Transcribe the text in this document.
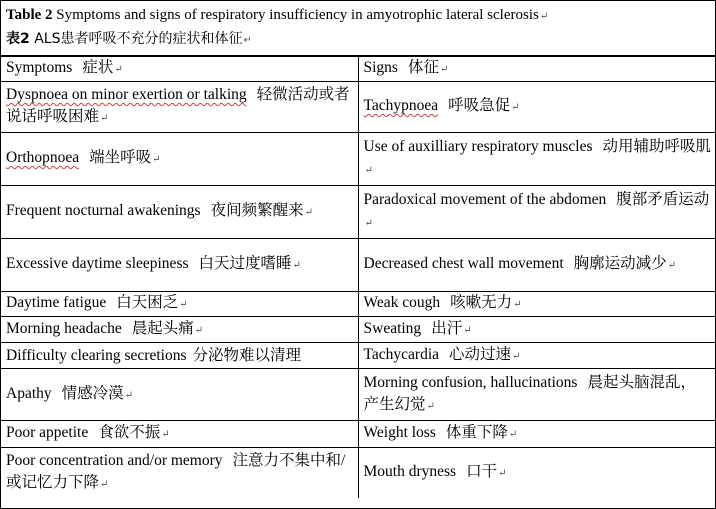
Table 2 Symptoms and signs of respiratory insufficiency in amyotrophic lateral sclerosis↵
表2 ALS患者呼吸不充分的症状和体征↵
Symptoms 症状↵	Signs 体征↵
Dyspnoea on minor exertion or talking 轻微活动或者说话呼吸困难↵	Tachypnoea 呼吸急促↵
Orthopnoea 端坐呼吸↵	Use of auxilliary respiratory muscles 动用辅助呼吸肌↵
Frequent nocturnal awakenings 夜间频繁醒来↵	Paradoxical movement of the abdomen 腹部矛盾运动↵
Excessive daytime sleepiness 白天过度嗜睡↵	Decreased chest wall movement 胸廓运动减少↵
Daytime fatigue 白天困乏↵	Weak cough 咳嗽无力↵
Morning headache 晨起头痛↵	Sweating 出汗↵
Difficulty clearing secretions 分泌物难以清理	Tachycardia 心动过速↵
Apathy 情感冷漠↵	Morning confusion, hallucinations 晨起头脑混乱，产生幻觉↵
Poor appetite 食欲不振↵	Weight loss 体重下降↵
Poor concentration and/or memory 注意力不集中和/或记忆力下降↵	Mouth dryness 口干↵
